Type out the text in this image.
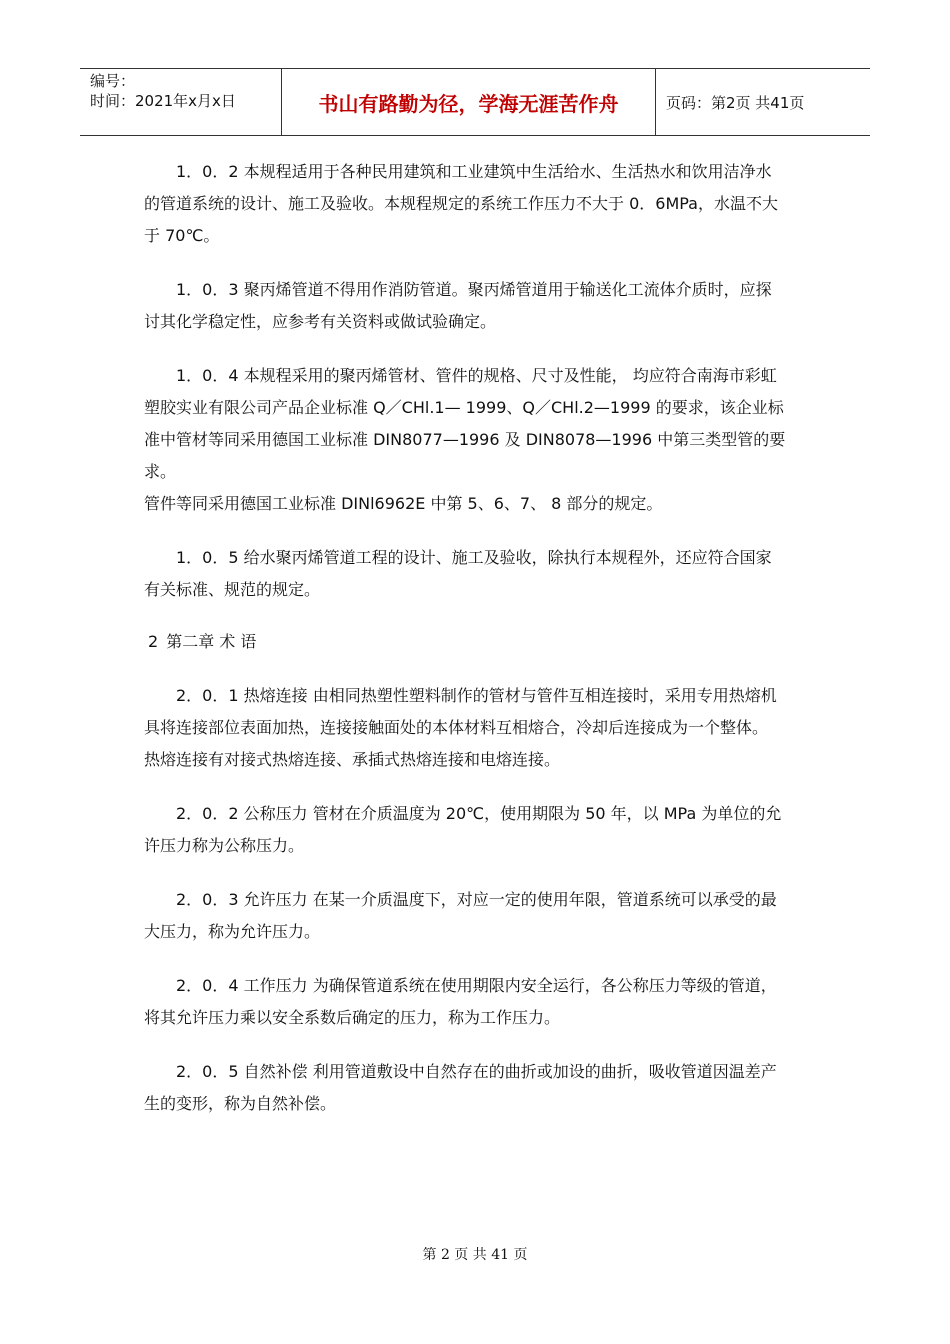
编号：
时间：2021年x月x日	书山有路勤为径，学海无涯苦作舟	页码：第2页 共41页

1．0．2 本规程适用于各种民用建筑和工业建筑中生活给水、生活热水和饮用洁净水

的管道系统的设计、施工及验收。本规程规定的系统工作压力不大于 0．6MPa，水温不大

于 70℃。

1．0．3 聚丙烯管道不得用作消防管道。聚丙烯管道用于输送化工流体介质时，应探

讨其化学稳定性，应参考有关资料或做试验确定。

1．0．4 本规程采用的聚丙烯管材、管件的规格、尺寸及性能， 均应符合南海市彩虹

塑胶实业有限公司产品企业标准 Q／CHl.1— 1999、Q／CHl.2—1999 的要求，该企业标

准中管材等同采用德国工业标准 DIN8077—1996 及 DIN8078—1996 中第三类型管的要求。

管件等同采用德国工业标准 DINl6962E 中第 5、6、7、 8 部分的规定。

1．0．5 给水聚丙烯管道工程的设计、施工及验收，除执行本规程外，还应符合国家

有关标准、规范的规定。

2 第二章 术 语

2．0．1 热熔连接 由相同热塑性塑料制作的管材与管件互相连接时，采用专用热熔机

具将连接部位表面加热，连接接触面处的本体材料互相熔合，冷却后连接成为一个整体。

热熔连接有对接式热熔连接、承插式热熔连接和电熔连接。

2．0．2 公称压力 管材在介质温度为 20℃，使用期限为 50 年，以 MPa 为单位的允

许压力称为公称压力。

2．0．3 允许压力 在某一介质温度下，对应一定的使用年限，管道系统可以承受的最

大压力，称为允许压力。

2．0．4 工作压力 为确保管道系统在使用期限内安全运行，各公称压力等级的管道，

将其允许压力乘以安全系数后确定的压力，称为工作压力。

2．0．5 自然补偿 利用管道敷设中自然存在的曲折或加设的曲折，吸收管道因温差产

生的变形，称为自然补偿。

第 2 页 共 41 页
